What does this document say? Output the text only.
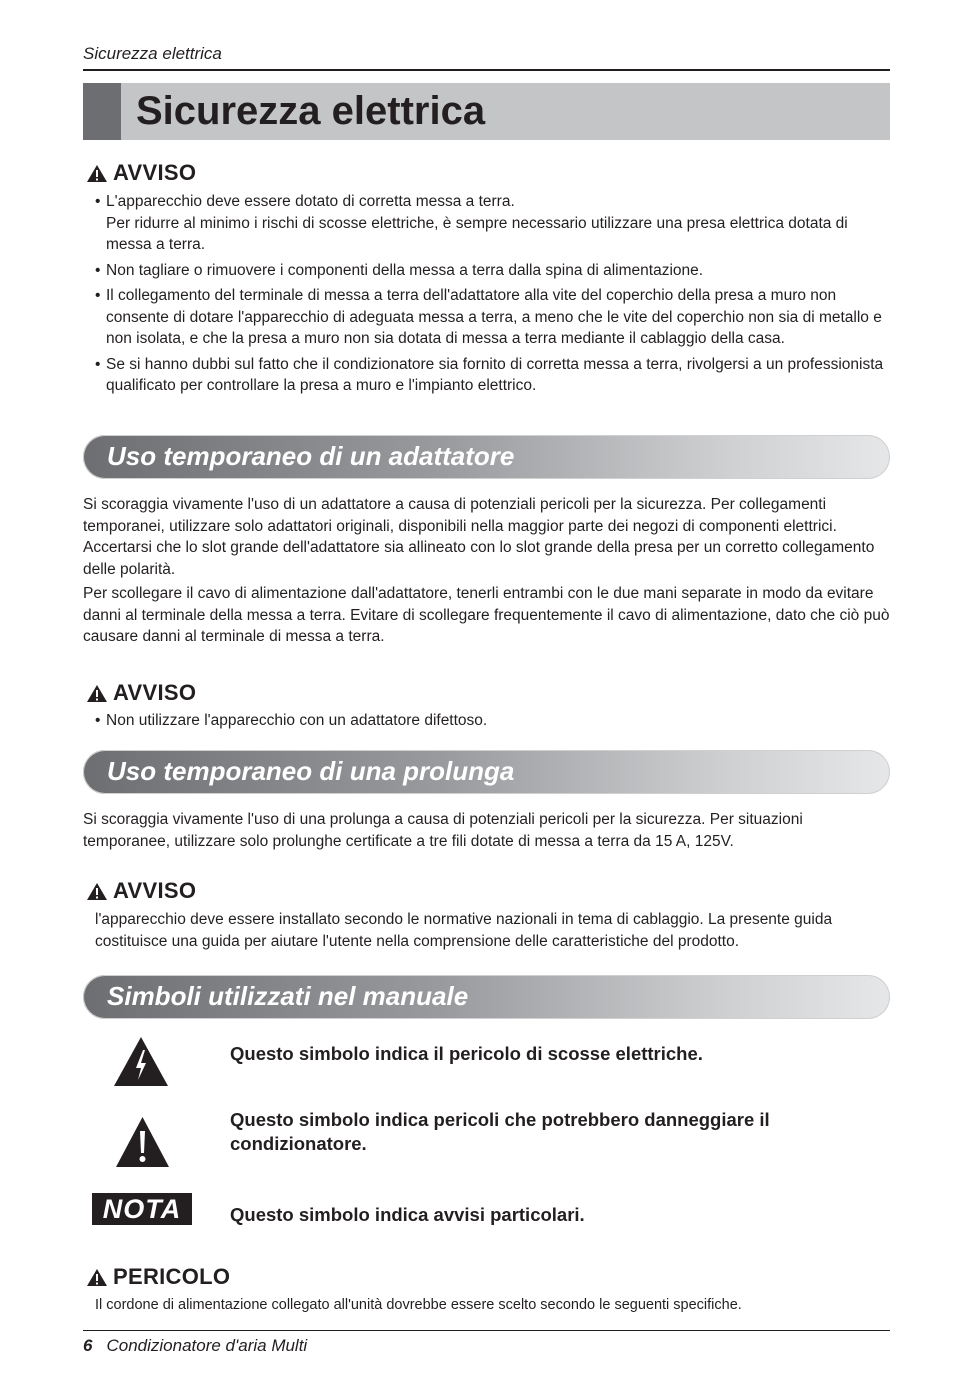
Sicurezza elettrica
Sicurezza elettrica
AVVISO
• L'apparecchio deve essere dotato di corretta messa a terra.
Per ridurre al minimo i rischi di scosse elettriche, è sempre necessario utilizzare una presa elettrica dotata di messa a terra.
• Non tagliare o rimuovere i componenti della messa a terra dalla spina di alimentazione.
• Il collegamento del terminale di messa a terra dell'adattatore alla vite del coperchio della presa a muro non consente di dotare l'apparecchio di adeguata messa a terra, a meno che le vite del coperchio non sia di metallo e non isolata, e che la presa a muro non sia dotata di messa a terra mediante il cablaggio della casa.
• Se si hanno dubbi sul fatto che il condizionatore sia fornito di corretta messa a terra, rivolgersi a un professionista qualificato per controllare la presa a muro e l'impianto elettrico.
Uso temporaneo di un adattatore

Si scoraggia vivamente l'uso di un adattatore a causa di potenziali pericoli per la sicurezza. Per collegamenti temporanei, utilizzare solo adattatori originali, disponibili nella maggior parte dei negozi di componenti elettrici. Accertarsi che lo slot grande dell'adattatore sia allineato con lo slot grande della presa per un corretto collegamento delle polarità.

Per scollegare il cavo di alimentazione dall'adattatore, tenerli entrambi con le due mani separate in modo da evitare danni al terminale della messa a terra. Evitare di scollegare frequentemente il cavo di alimentazione, dato che ciò può causare danni al terminale di messa a terra.

AVVISO
• Non utilizzare l'apparecchio con un adattatore difettoso.
Uso temporaneo di una prolunga

Si scoraggia vivamente l'uso di una prolunga a causa di potenziali pericoli per la sicurezza. Per situazioni temporanee, utilizzare solo prolunghe certificate a tre fili dotate di messa a terra da 15 A, 125V.

AVVISO

l'apparecchio deve essere installato secondo le normative nazionali in tema di cablaggio. La presente guida costituisce una guida per aiutare l'utente nella comprensione delle caratteristiche del prodotto.

Simboli utilizzati nel manuale
Questo simbolo indica il pericolo di scosse elettriche.
Questo simbolo indica pericoli che potrebbero danneggiare il condizionatore.
NOTA	Questo simbolo indica avvisi particolari.
PERICOLO
Il cordone di alimentazione collegato all'unità dovrebbe essere scelto secondo le seguenti specifiche.
6 Condizionatore d'aria Multi
